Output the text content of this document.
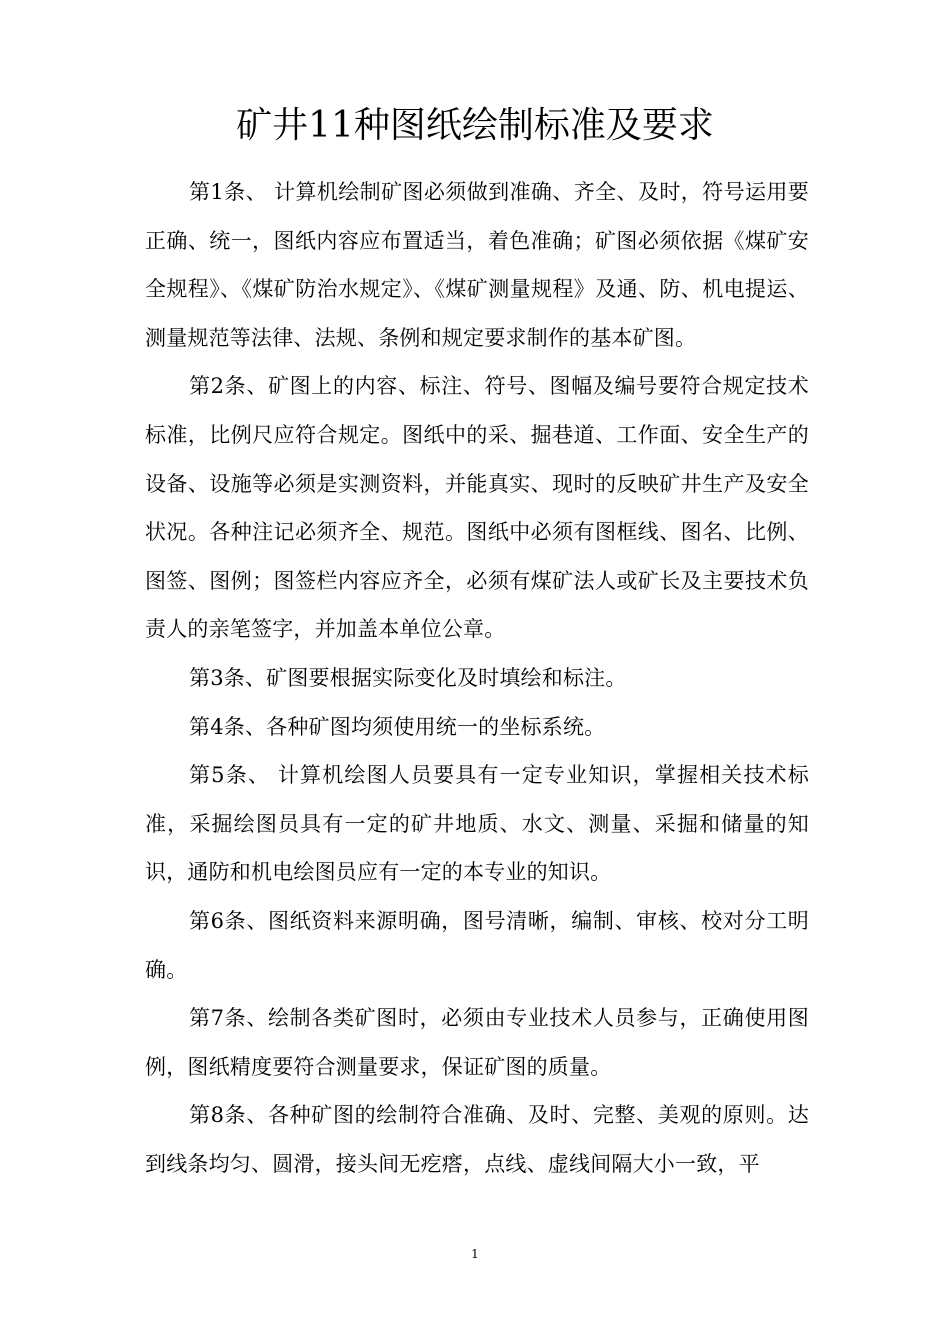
矿井11种图纸绘制标准及要求

第1条、 计算机绘制矿图必须做到准确、齐全、及时，符号运用要正确、统一，图纸内容应布置适当，着色准确；矿图必须依据《煤矿安全规程》、《煤矿防治水规定》、《煤矿测量规程》及通、防、机电提运、测量规范等法律、法规、条例和规定要求制作的基本矿图。

第2条、矿图上的内容、标注、符号、图幅及编号要符合规定技术标准，比例尺应符合规定。图纸中的采、掘巷道、工作面、安全生产的设备、设施等必须是实测资料，并能真实、现时的反映矿井生产及安全状况。各种注记必须齐全、规范。图纸中必须有图框线、图名、比例、图签、图例；图签栏内容应齐全，必须有煤矿法人或矿长及主要技术负责人的亲笔签字，并加盖本单位公章。

第3条、矿图要根据实际变化及时填绘和标注。

第4条、各种矿图均须使用统一的坐标系统。

第5条、 计算机绘图人员要具有一定专业知识，掌握相关技术标准，采掘绘图员具有一定的矿井地质、水文、测量、采掘和储量的知识，通防和机电绘图员应有一定的本专业的知识。

第6条、图纸资料来源明确，图号清晰，编制、审核、校对分工明确。

第7条、绘制各类矿图时，必须由专业技术人员参与，正确使用图例，图纸精度要符合测量要求，保证矿图的质量。

第8条、各种矿图的绘制符合准确、及时、完整、美观的原则。达到线条均匀、圆滑，接头间无疙瘩，点线、虚线间隔大小一致，平

1
